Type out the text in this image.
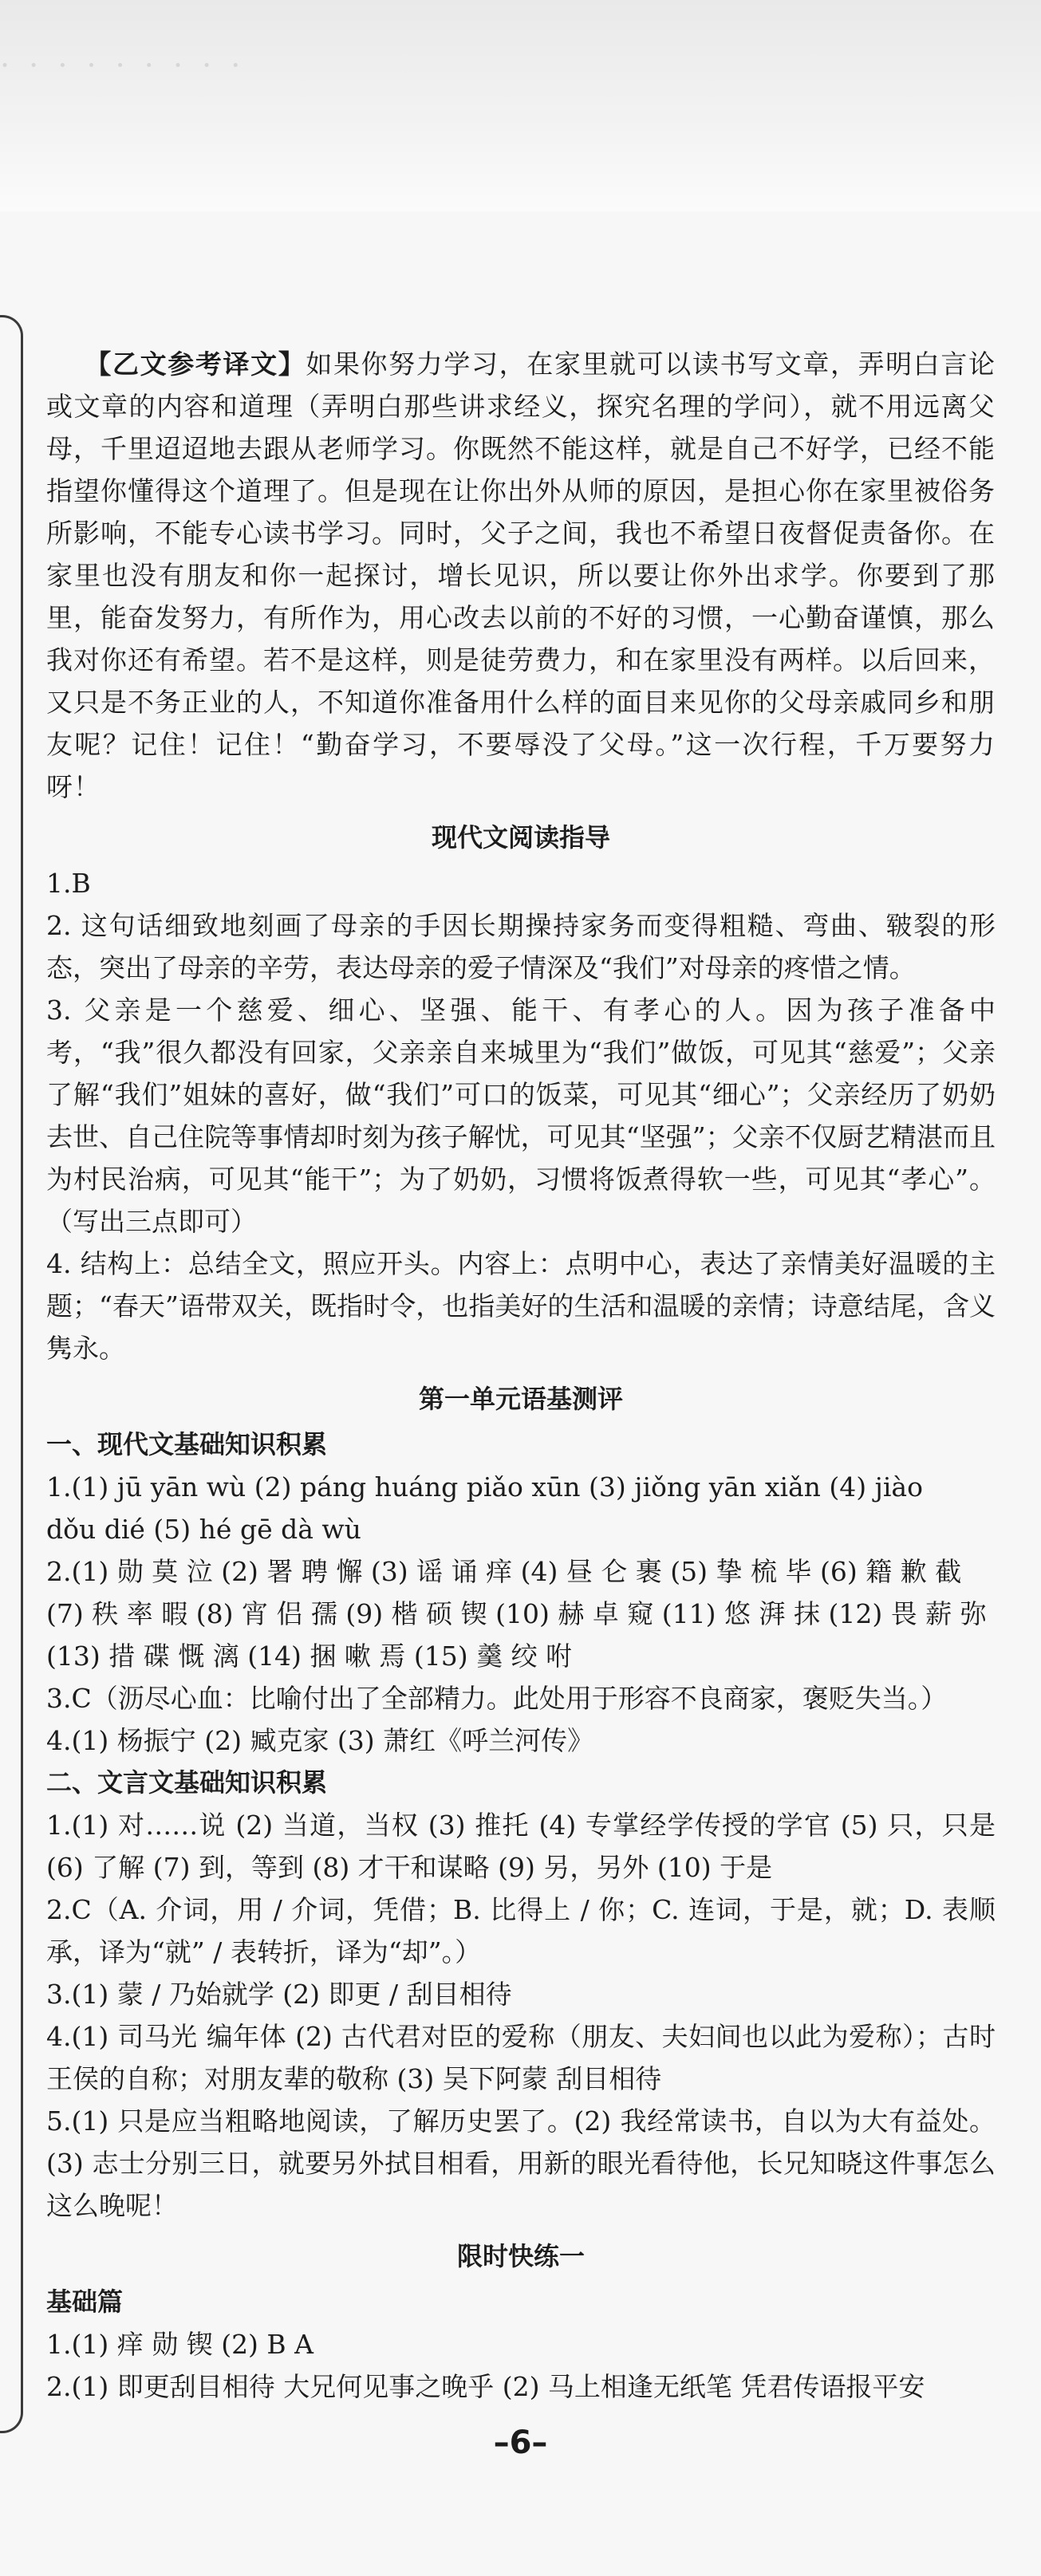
· · · · · · · · ·

【乙文参考译文】如果你努力学习，在家里就可以读书写文章，弄明白言论或文章的内容和道理（弄明白那些讲求经义，探究名理的学问），就不用远离父母，千里迢迢地去跟从老师学习。你既然不能这样，就是自己不好学，已经不能指望你懂得这个道理了。但是现在让你出外从师的原因，是担心你在家里被俗务所影响，不能专心读书学习。同时，父子之间，我也不希望日夜督促责备你。在家里也没有朋友和你一起探讨，增长见识，所以要让你外出求学。你要到了那里，能奋发努力，有所作为，用心改去以前的不好的习惯，一心勤奋谨慎，那么我对你还有希望。若不是这样，则是徒劳费力，和在家里没有两样。以后回来，又只是不务正业的人，不知道你准备用什么样的面目来见你的父母亲戚同乡和朋友呢？记住！记住！“勤奋学习，不要辱没了父母。”这一次行程，千万要努力呀！

现代文阅读指导

1.B

2. 这句话细致地刻画了母亲的手因长期操持家务而变得粗糙、弯曲、皲裂的形态，突出了母亲的辛劳，表达母亲的爱子情深及“我们”对母亲的疼惜之情。

3. 父亲是一个慈爱、细心、坚强、能干、有孝心的人。因为孩子准备中考，“我”很久都没有回家，父亲亲自来城里为“我们”做饭，可见其“慈爱”；父亲了解“我们”姐妹的喜好，做“我们”可口的饭菜，可见其“细心”；父亲经历了奶奶去世、自己住院等事情却时刻为孩子解忧，可见其“坚强”；父亲不仅厨艺精湛而且为村民治病，可见其“能干”；为了奶奶，习惯将饭煮得软一些，可见其“孝心”。（写出三点即可）

4. 结构上：总结全文，照应开头。内容上：点明中心，表达了亲情美好温暖的主题；“春天”语带双关，既指时令，也指美好的生活和温暖的亲情；诗意结尾，含义隽永。

第一单元语基测评

一、现代文基础知识积累

1.(1) jū yān wù (2) páng huáng piǎo xūn (3) jiǒng yān xiǎn (4) jiào

dǒu dié (5) hé gē dà wù

2.(1) 勋 莫 泣 (2) 署 聘 懈 (3) 谣 诵 痒 (4) 昼 仑 裹 (5) 挚 梳 毕 (6) 籍 歉 截

(7) 秩 率 暇 (8) 宵 侣 孺 (9) 楷 硕 锲 (10) 赫 卓 窥 (11) 悠 湃 抹 (12) 畏 薪 弥

(13) 措 碟 慨 漓 (14) 捆 嗽 焉 (15) 羹 绞 咐

3.C（沥尽心血：比喻付出了全部精力。此处用于形容不良商家，褒贬失当。）

4.(1) 杨振宁 (2) 臧克家 (3) 萧红《呼兰河传》

二、文言文基础知识积累

1.(1) 对……说 (2) 当道，当权 (3) 推托 (4) 专掌经学传授的学官 (5) 只，只是 (6) 了解 (7) 到，等到 (8) 才干和谋略 (9) 另，另外 (10) 于是

2.C（A. 介词，用 / 介词，凭借；B. 比得上 / 你；C. 连词，于是，就；D. 表顺承，译为“就” / 表转折，译为“却”。）

3.(1) 蒙 / 乃始就学 (2) 即更 / 刮目相待

4.(1) 司马光 编年体 (2) 古代君对臣的爱称（朋友、夫妇间也以此为爱称）；古时王侯的自称；对朋友辈的敬称 (3) 吴下阿蒙 刮目相待

5.(1) 只是应当粗略地阅读，了解历史罢了。(2) 我经常读书，自以为大有益处。(3) 志士分别三日，就要另外拭目相看，用新的眼光看待他，长兄知晓这件事怎么这么晚呢！

限时快练一

基础篇

1.(1) 痒 勋 锲 (2) B A

2.(1) 即更刮目相待 大兄何见事之晚乎 (2) 马上相逢无纸笔 凭君传语报平安

–6–
